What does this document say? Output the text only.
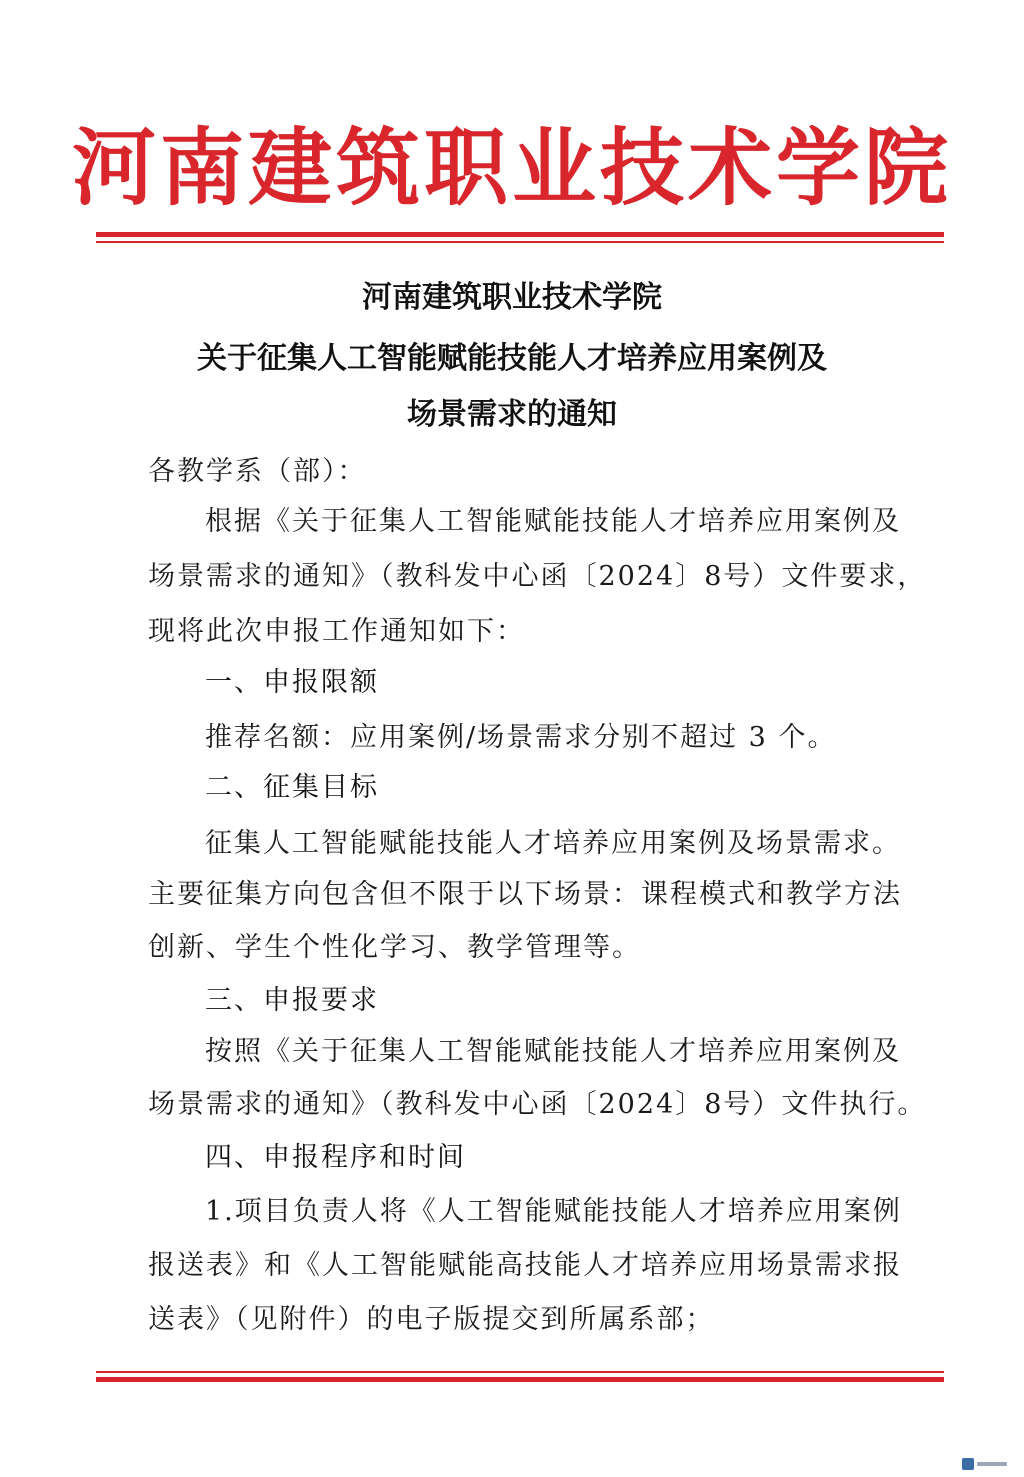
河南建筑职业技术学院
河南建筑职业技术学院
关于征集人工智能赋能技能人才培养应用案例及
场景需求的通知
各教学系（部）：
根据《关于征集人工智能赋能技能人才培养应用案例及
场景需求的通知》（教科发中心函〔2024〕8号）文件要求，
现将此次申报工作通知如下：
一、申报限额
推荐名额：应用案例/场景需求分别不超过 3 个。
二、征集目标
征集人工智能赋能技能人才培养应用案例及场景需求。
主要征集方向包含但不限于以下场景：课程模式和教学方法
创新、学生个性化学习、教学管理等。
三、申报要求
按照《关于征集人工智能赋能技能人才培养应用案例及
场景需求的通知》（教科发中心函〔2024〕8号）文件执行。
四、申报程序和时间
1.项目负责人将《人工智能赋能技能人才培养应用案例
报送表》和《人工智能赋能高技能人才培养应用场景需求报
送表》（见附件）的电子版提交到所属系部；
